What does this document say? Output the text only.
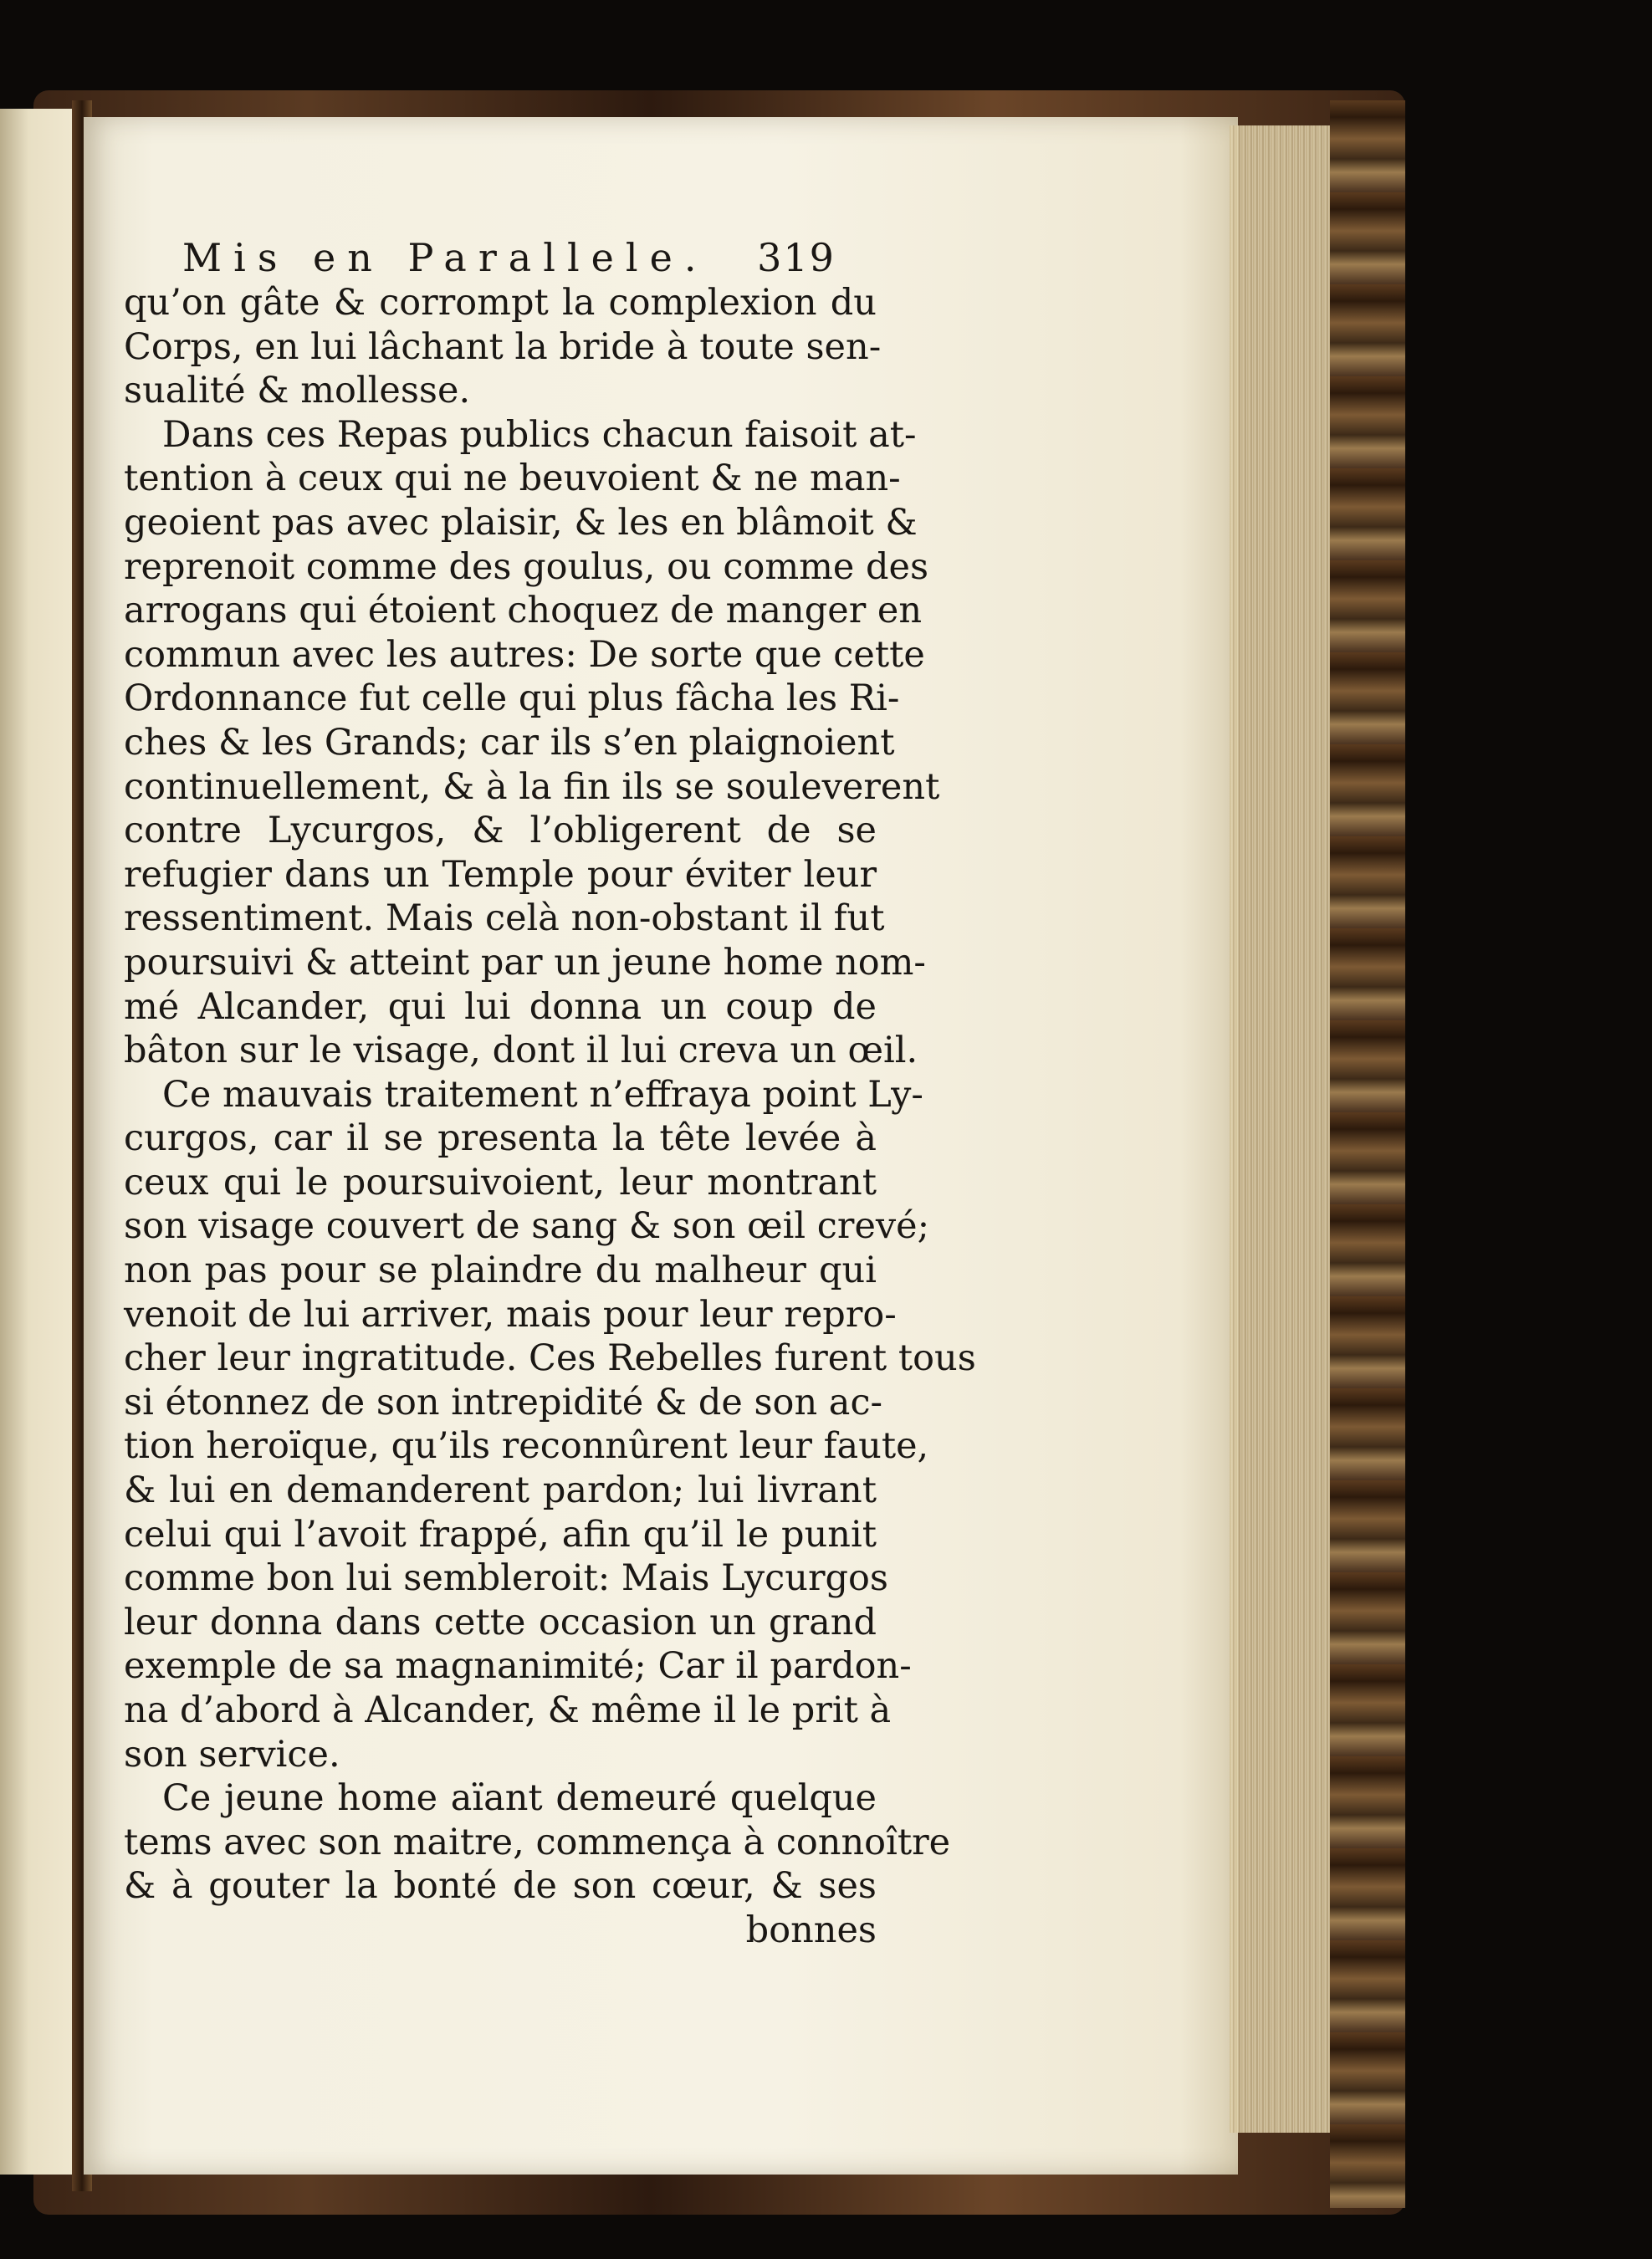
Mis en Parallele. 319
qu’on gâte & corrompt la complexion du
Corps, en lui lâchant la bride à toute sen-
sualité & mollesse.
Dans ces Repas publics chacun faisoit at-
tention à ceux qui ne beuvoient & ne man-
geoient pas avec plaisir, & les en blâmoit &
reprenoit comme des goulus, ou comme des
arrogans qui étoient choquez de manger en
commun avec les autres: De sorte que cette
Ordonnance fut celle qui plus fâcha les Ri-
ches & les Grands; car ils s’en plaignoient
continuellement, & à la fin ils se souleverent
contre Lycurgos, & l’obligerent de se
refugier dans un Temple pour éviter leur
ressentiment. Mais celà non-obstant il fut
poursuivi & atteint par un jeune home nom-
mé Alcander, qui lui donna un coup de
bâton sur le visage, dont il lui creva un œil.
Ce mauvais traitement n’effraya point Ly-
curgos, car il se presenta la tête levée à
ceux qui le poursuivoient, leur montrant
son visage couvert de sang & son œil crevé;
non pas pour se plaindre du malheur qui
venoit de lui arriver, mais pour leur repro-
cher leur ingratitude. Ces Rebelles furent tous
si étonnez de son intrepidité & de son ac-
tion heroïque, qu’ils reconnûrent leur faute,
& lui en demanderent pardon; lui livrant
celui qui l’avoit frappé, afin qu’il le punit
comme bon lui sembleroit: Mais Lycurgos
leur donna dans cette occasion un grand
exemple de sa magnanimité; Car il pardon-
na d’abord à Alcander, & même il le prit à
son service.
Ce jeune home aïant demeuré quelque
tems avec son maitre, commença à connoître
& à gouter la bonté de son cœur, & ses
bonnes
